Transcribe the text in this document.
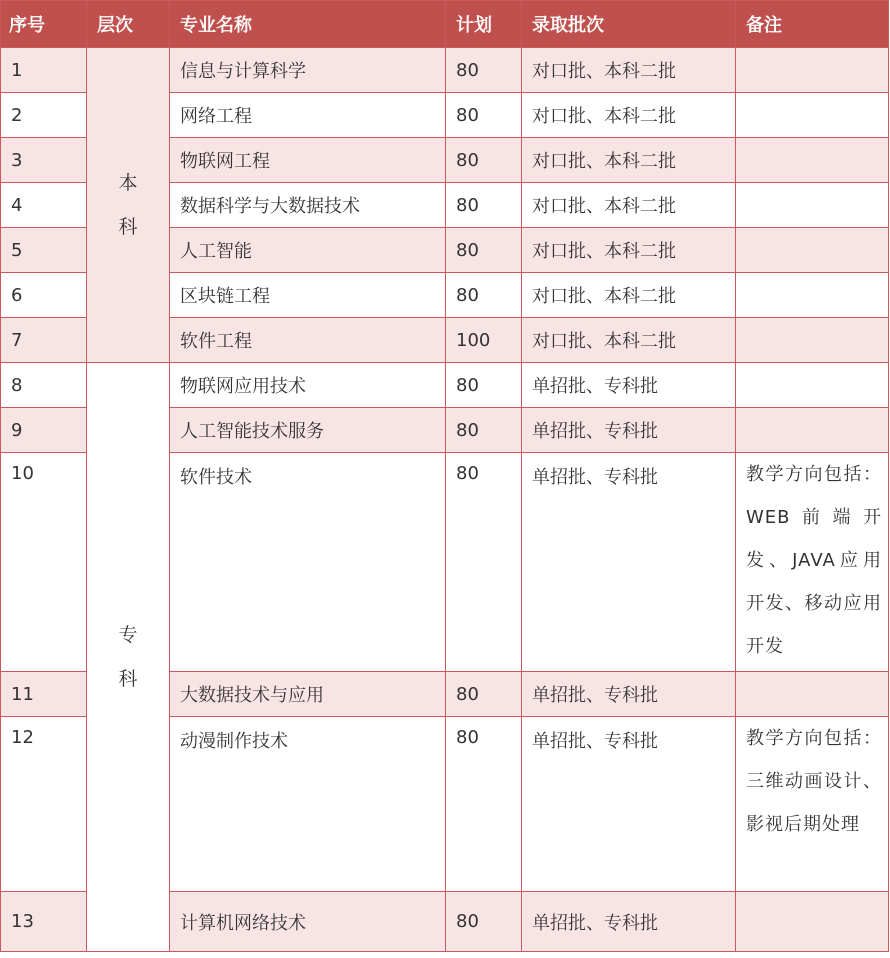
序号	层次	专业名称	计划	录取批次	备注
1	本科	信息与计算科学	80	对口批、本科二批	
2		网络工程	80	对口批、本科二批	
3		物联网工程	80	对口批、本科二批	
4		数据科学与大数据技术	80	对口批、本科二批	
5		人工智能	80	对口批、本科二批	
6		区块链工程	80	对口批、本科二批	
7		软件工程	100	对口批、本科二批	
8	专科	物联网应用技术	80	单招批、专科批	
9		人工智能技术服务	80	单招批、专科批	
10		软件技术	80	单招批、专科批	教学方向包括：WEB前端开发、JAVA应用开发、移动应用开发

11		大数据技术与应用	80	单招批、专科批	
12		动漫制作技术	80	单招批、专科批	教学方向包括：三维动画设计、影视后期处理

13		计算机网络技术	80	单招批、专科批	
